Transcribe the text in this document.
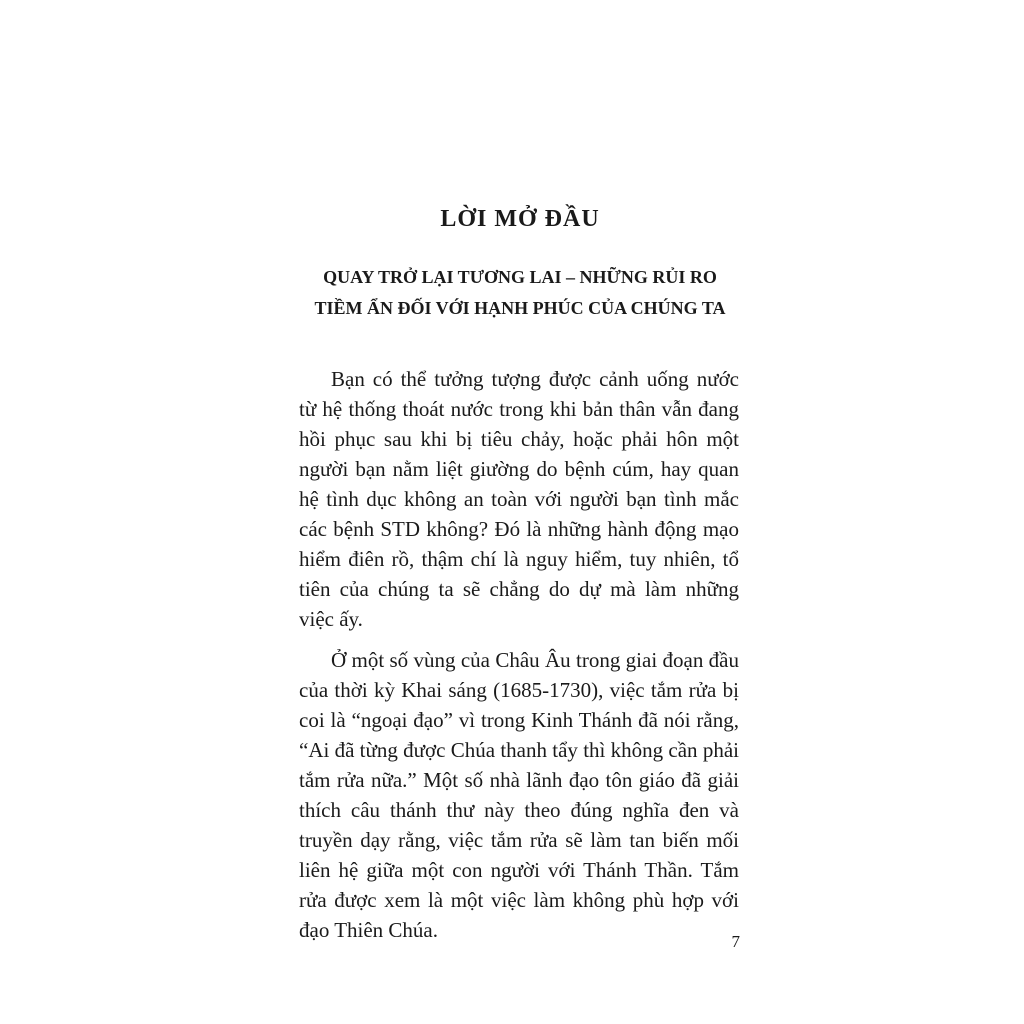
LỜI MỞ ĐẦU
QUAY TRỞ LẠI TƯƠNG LAI – NHỮNG RỦI RO
TIỀM ẨN ĐỐI VỚI HẠNH PHÚC CỦA CHÚNG TA

Bạn có thể tưởng tượng được cảnh uống nước từ hệ thống thoát nước trong khi bản thân vẫn đang hồi phục sau khi bị tiêu chảy, hoặc phải hôn một người bạn nằm liệt giường do bệnh cúm, hay quan hệ tình dục không an toàn với người bạn tình mắc các bệnh STD không? Đó là những hành động mạo hiểm điên rồ, thậm chí là nguy hiểm, tuy nhiên, tổ tiên của chúng ta sẽ chẳng do dự mà làm những việc ấy.

Ở một số vùng của Châu Âu trong giai đoạn đầu của thời kỳ Khai sáng (1685-1730), việc tắm rửa bị coi là “ngoại đạo” vì trong Kinh Thánh đã nói rằng, “Ai đã từng được Chúa thanh tẩy thì không cần phải tắm rửa nữa.” Một số nhà lãnh đạo tôn giáo đã giải thích câu thánh thư này theo đúng nghĩa đen và truyền dạy rằng, việc tắm rửa sẽ làm tan biến mối liên hệ giữa một con người với Thánh Thần. Tắm rửa được xem là một việc làm không phù hợp với đạo Thiên Chúa.	7
